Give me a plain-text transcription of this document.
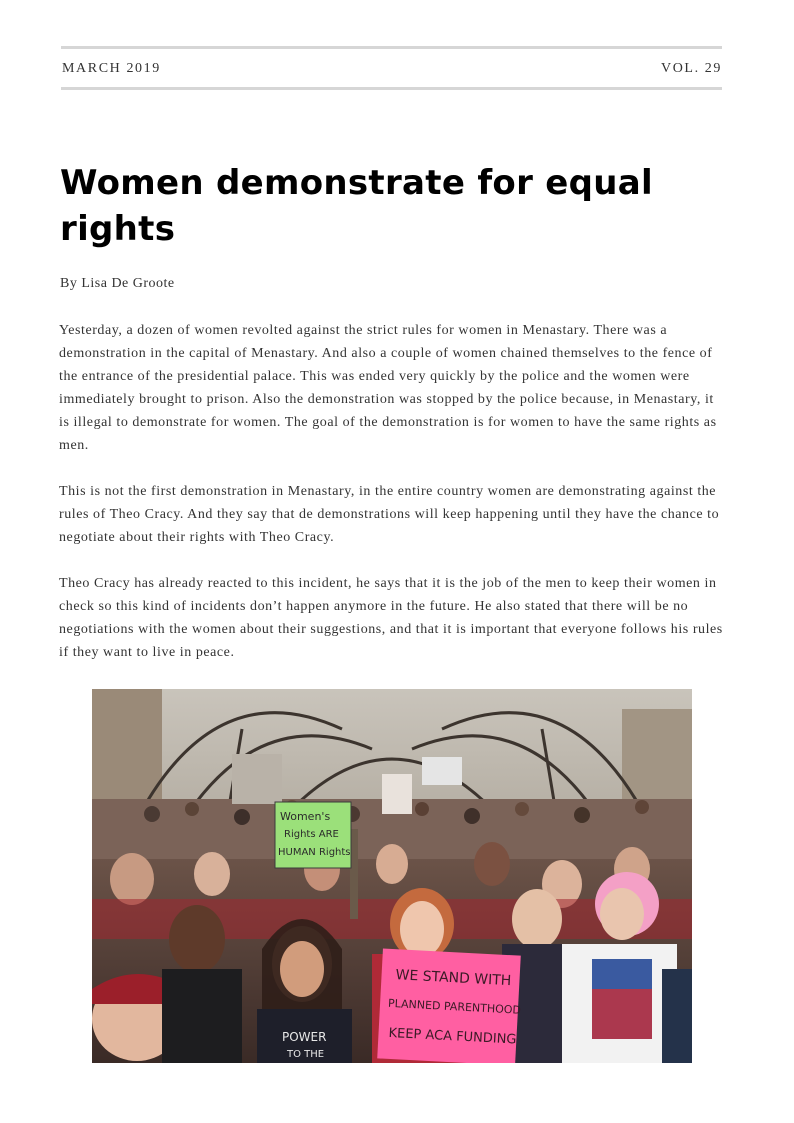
MARCH 2019	VOL. 29
Women demonstrate for equal rights
By Lisa De Groote

Yesterday, a dozen of women revolted against the strict rules for women in Menastary. There was a demonstration in the capital of Menastary. And also a couple of women chained themselves to the fence of the entrance of the presidential palace. This was ended very quickly by the police and the women were immediately brought to prison. Also the demonstration was stopped by the police because, in Menastary, it is illegal to demonstrate for women. The goal of the demonstration is for women to have the same rights as men.

This is not the first demonstration in Menastary, in the entire country women are demonstrating against the rules of Theo Cracy. And they say that de demonstrations will keep happening until they have the chance to negotiate about their rights with Theo Cracy.

Theo Cracy has already reacted to this incident, he says that it is the job of the men to keep their women in check so this kind of incidents don’t happen anymore in the future. He also stated that there will be no negotiations with the women about their suggestions, and that it is important that everyone follows his rules if they want to live in peace.

Women's
Rights ARE
HUMAN Rights
POWER
TO THE
WE STAND WITH
PLANNED PARENTHOOD
KEEP ACA FUNDING
